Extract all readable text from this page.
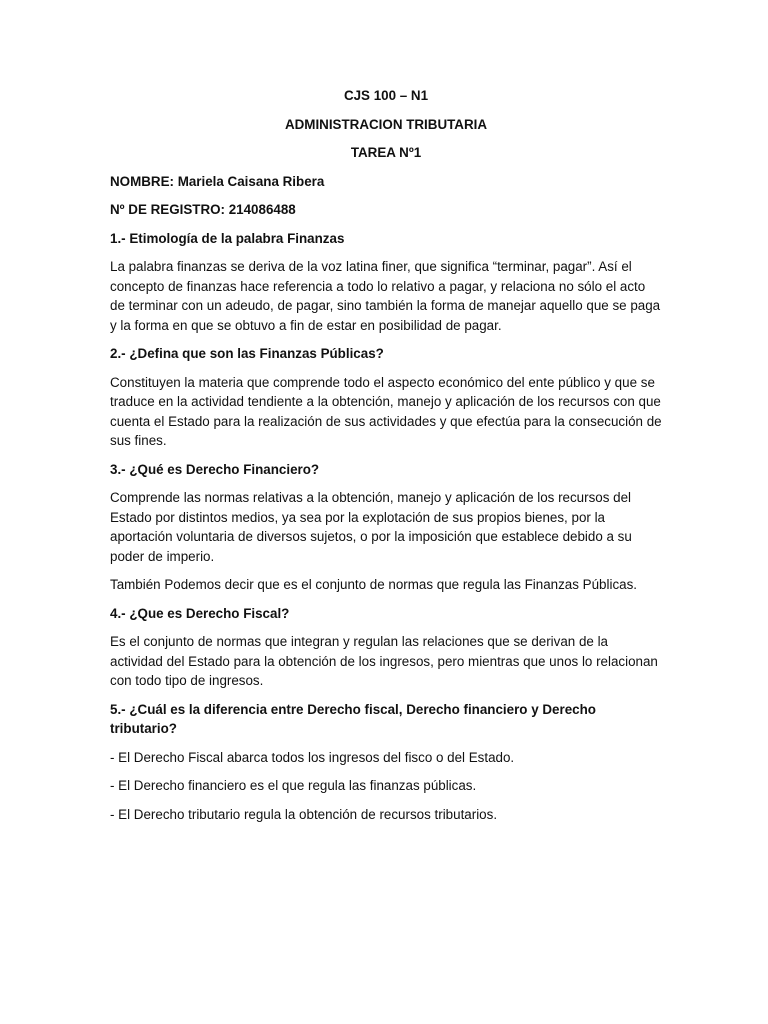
CJS 100 – N1

ADMINISTRACION TRIBUTARIA

TAREA Nº1

NOMBRE: Mariela Caisana Ribera

Nº DE REGISTRO: 214086488

1.- Etimología de la palabra Finanzas

La palabra finanzas se deriva de la voz latina finer, que significa “terminar, pagar”. Así el concepto de finanzas hace referencia a todo lo relativo a pagar, y relaciona no sólo el acto de terminar con un adeudo, de pagar, sino también la forma de manejar aquello que se paga y la forma en que se obtuvo a fin de estar en posibilidad de pagar.

2.- ¿Defina que son las Finanzas Públicas?

Constituyen la materia que comprende todo el aspecto económico del ente público y que se traduce en la actividad tendiente a la obtención, manejo y aplicación de los recursos con que cuenta el Estado para la realización de sus actividades y que efectúa para la consecución de sus fines.

3.- ¿Qué es Derecho Financiero?

Comprende las normas relativas a la obtención, manejo y aplicación de los recursos del Estado por distintos medios, ya sea por la explotación de sus propios bienes, por la aportación voluntaria de diversos sujetos, o por la imposición que establece debido a su poder de imperio.

También Podemos decir que es el conjunto de normas que regula las Finanzas Públicas.

4.- ¿Que es Derecho Fiscal?

Es el conjunto de normas que integran y regulan las relaciones que se derivan de la actividad del Estado para la obtención de los ingresos, pero mientras que unos lo relacionan con todo tipo de ingresos.

5.- ¿Cuál es la diferencia entre Derecho fiscal, Derecho financiero y Derecho tributario?

- El Derecho Fiscal abarca todos los ingresos del fisco o del Estado.

- El Derecho financiero es el que regula las finanzas públicas.

- El Derecho tributario regula la obtención de recursos tributarios.
